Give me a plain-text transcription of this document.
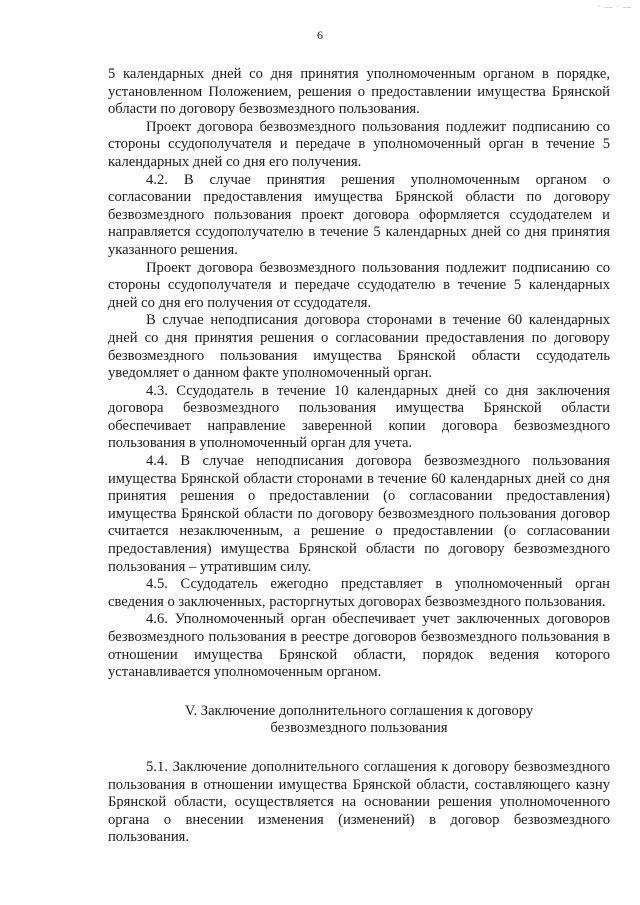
· — · —
6

5 календарных дней со дня принятия уполномоченным органом в порядке, установленном Положением, решения о предоставлении имущества Брянской области по договору безвозмездного пользования.

Проект договора безвозмездного пользования подлежит подписанию со стороны ссудополучателя и передаче в уполномоченный орган в течение 5 календарных дней со дня его получения.

4.2. В случае принятия решения уполномоченным органом о согласовании предоставления имущества Брянской области по договору безвозмездного пользования проект договора оформляется ссудодателем и направляется ссудополучателю в течение 5 календарных дней со дня принятия указанного решения.

Проект договора безвозмездного пользования подлежит подписанию со стороны ссудополучателя и передаче ссудодателю в течение 5 календарных дней со дня его получения от ссудодателя.

В случае неподписания договора сторонами в течение 60 календарных дней со дня принятия решения о согласовании предоставления по договору безвозмездного пользования имущества Брянской области ссудодатель уведомляет о данном факте уполномоченный орган.

4.3. Ссудодатель в течение 10 календарных дней со дня заключения договора безвозмездного пользования имущества Брянской области обеспечивает направление заверенной копии договора безвозмездного пользования в уполномоченный орган для учета.

4.4. В случае неподписания договора безвозмездного пользования имущества Брянской области сторонами в течение 60 календарных дней со дня принятия решения о предоставлении (о согласовании предоставления) имущества Брянской области по договору безвозмездного пользования договор считается незаключенным, а решение о предоставлении (о согласовании предоставления) имущества Брянской области по договору безвозмездного пользования – утратившим силу.

4.5. Ссудодатель ежегодно представляет в уполномоченный орган сведения о заключенных, расторгнутых договорах безвозмездного пользования.

4.6. Уполномоченный орган обеспечивает учет заключенных договоров безвозмездного пользования в реестре договоров безвозмездного пользования в отношении имущества Брянской области, порядок ведения которого устанавливается уполномоченным органом.

V. Заключение дополнительного соглашения к договору безвозмездного пользования

5.1. Заключение дополнительного соглашения к договору безвозмездного пользования в отношении имущества Брянской области, составляющего казну Брянской области, осуществляется на основании решения уполномоченного органа о внесении изменения (изменений) в договор безвозмездного пользования.
